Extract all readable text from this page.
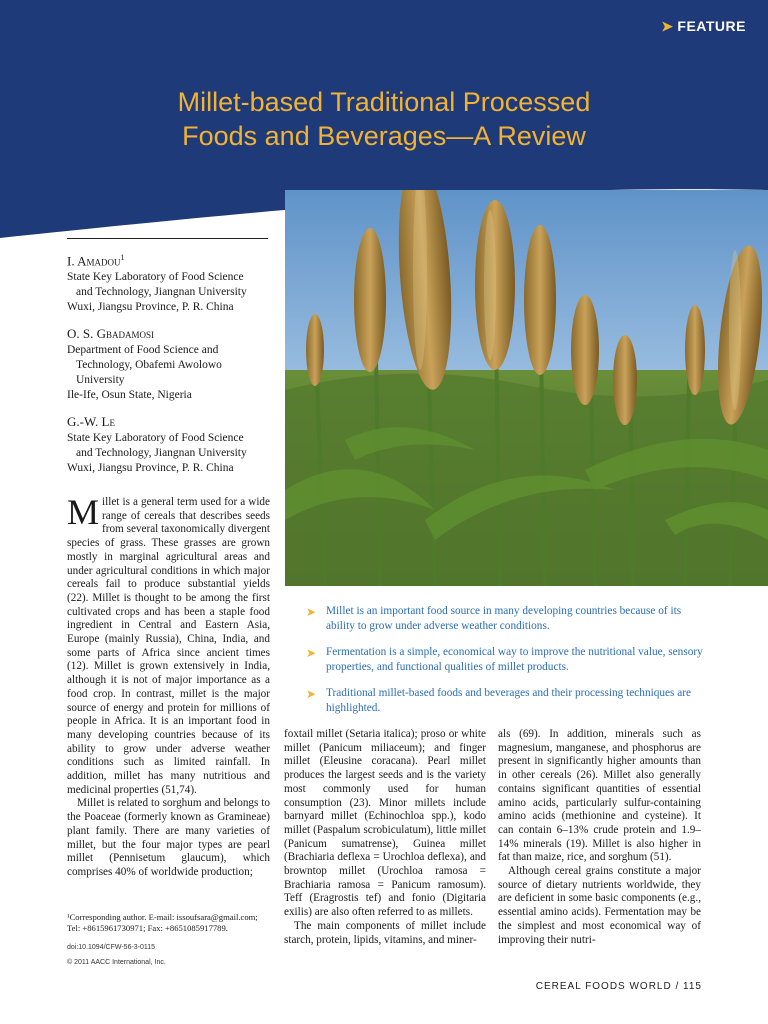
➤ FEATURE
Millet-based Traditional Processed
Foods and Beverages—A Review
I. Amadou$^1$
State Key Laboratory of Food Science
and Technology, Jiangnan University
Wuxi, Jiangsu Province, P. R. China
O. S. Gbadamosi
Department of Food Science and
Technology, Obafemi Awolowo
University
Ile-Ife, Osun State, Nigeria
G.-W. Le
State Key Laboratory of Food Science
and Technology, Jiangnan University
Wuxi, Jiangsu Province, P. R. China
➤ Millet is an important food source in many developing countries because of its ability to grow under adverse weather conditions.
➤ Fermentation is a simple, economical way to improve the nutritional value, sensory properties, and functional qualities of millet products.
➤ Traditional millet-based foods and beverages and their processing techniques are highlighted.

Millet is a general term used for a wide range of cereals that describes seeds from several taxonomically divergent species of grass. These grasses are grown mostly in marginal agricultural areas and under agricultural conditions in which major cereals fail to produce substantial yields (22). Millet is thought to be among the first cultivated crops and has been a staple food ingredient in Central and Eastern Asia, Europe (mainly Russia), China, India, and some parts of Africa since ancient times (12). Millet is grown extensively in India, although it is not of major importance as a food crop. In contrast, millet is the major source of energy and protein for millions of people in Africa. It is an important food in many developing countries because of its ability to grow under adverse weather conditions such as limited rainfall. In addition, millet has many nutritious and medicinal properties (51,74).

Millet is related to sorghum and belongs to the Poaceae (formerly known as Gramineae) plant family. There are many varieties of millet, but the four major types are pearl millet (Pennisetum glaucum), which comprises 40% of worldwide production;

foxtail millet (Setaria italica); proso or white millet (Panicum miliaceum); and finger millet (Eleusine coracana). Pearl millet produces the largest seeds and is the variety most commonly used for human consumption (23). Minor millets include barnyard millet (Echinochloa spp.), kodo millet (Paspalum scrobiculatum), little millet (Panicum sumatrense), Guinea millet (Brachiaria deflexa = Urochloa deflexa), and browntop millet (Urochloa ramosa = Brachiaria ramosa = Panicum ramosum). Teff (Eragrostis tef) and fonio (Digitaria exilis) are also often referred to as millets.

The main components of millet include starch, protein, lipids, vitamins, and miner-

als (69). In addition, minerals such as magnesium, manganese, and phosphorus are present in significantly higher amounts than in other cereals (26). Millet also generally contains significant quantities of essential amino acids, particularly sulfur-containing amino acids (methionine and cysteine). It can contain 6–13% crude protein and 1.9–14% minerals (19). Millet is also higher in fat than maize, rice, and sorghum (51).

Although cereal grains constitute a major source of dietary nutrients worldwide, they are deficient in some basic components (e.g., essential amino acids). Fermentation may be the simplest and most economical way of improving their nutri-

¹Corresponding author. E-mail: issoufsara@gmail.com; Tel: +8615961730971; Fax: +8651085917789.
doi:10.1094/CFW-56-3-0115
© 2011 AACC International, Inc.
CEREAL FOODS WORLD / 115
